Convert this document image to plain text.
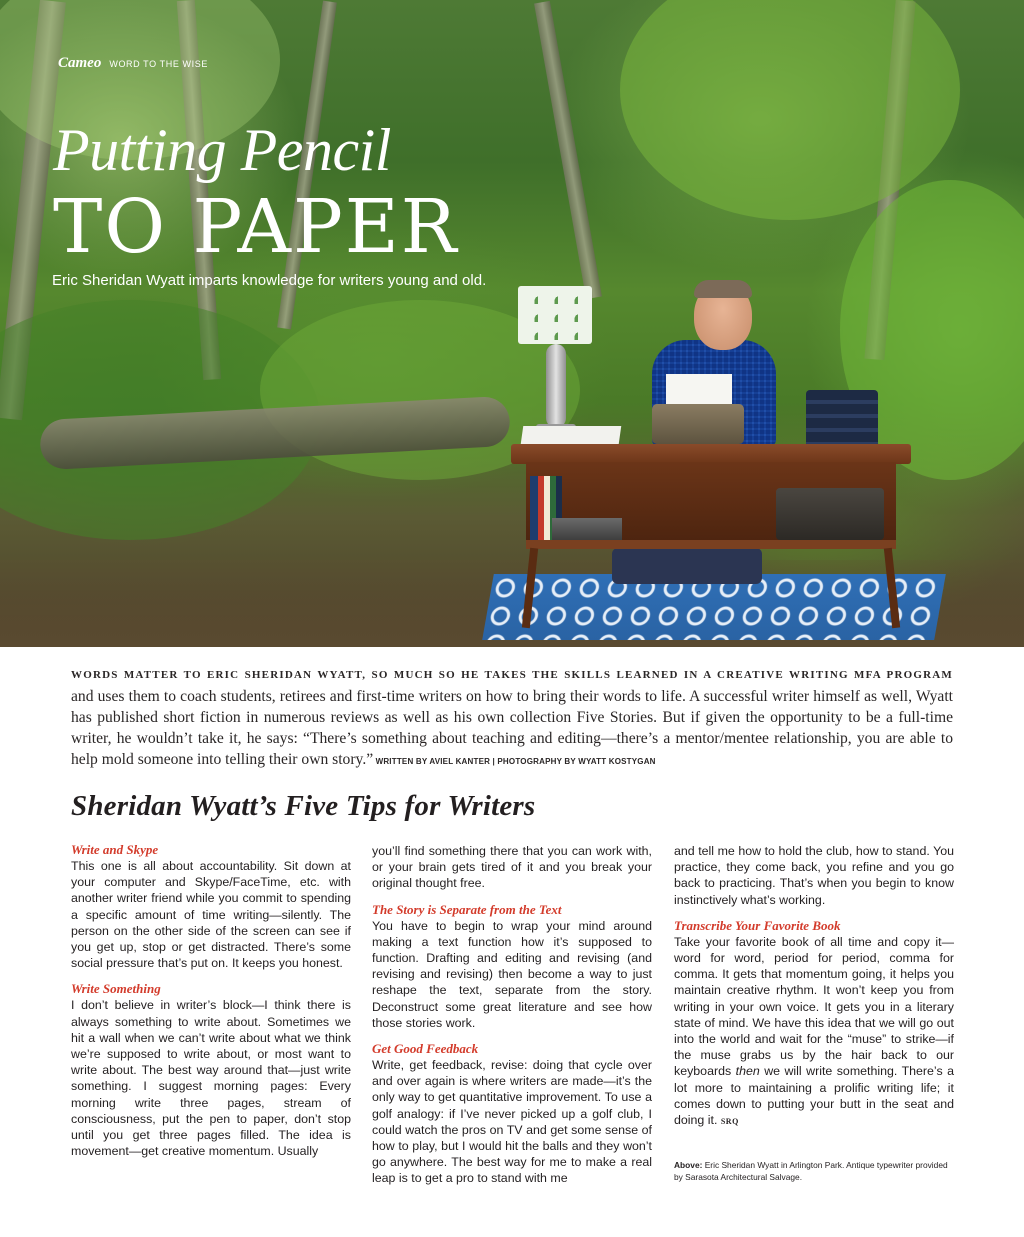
Cameo WORD TO THE WISE
Putting Pencil
TO PAPER
Eric Sheridan Wyatt imparts knowledge for writers young and old.

WORDS MATTER TO ERIC SHERIDAN WYATT, SO MUCH SO HE TAKES THE SKILLS LEARNED IN A CREATIVE WRITING MFA PROGRAM and uses them to coach students, retirees and first-time writers on how to bring their words to life. A successful writer himself as well, Wyatt has published short fiction in numerous reviews as well as his own collection Five Stories. But if given the opportunity to be a full-time writer, he wouldn’t take it, he says: “There’s something about teaching and editing—there’s a mentor/mentee relationship, you are able to help mold someone into telling their own story.” WRITTEN BY AVIEL KANTER | PHOTOGRAPHY BY WYATT KOSTYGAN

Sheridan Wyatt’s Five Tips for Writers
Write and Skype

This one is all about accountability. Sit down at your computer and Skype/FaceTime, etc. with another writer friend while you commit to spending a specific amount of time writing—silently. The person on the other side of the screen can see if you get up, stop or get distracted. There’s some social pressure that’s put on. It keeps you honest.

Write Something

I don’t believe in writer’s block—I think there is always something to write about. Sometimes we hit a wall when we can’t write about what we think we’re supposed to write about, or most want to write about. The best way around that—just write something. I suggest morning pages: Every morning write three pages, stream of consciousness, put the pen to paper, don’t stop until you get three pages filled. The idea is movement—get creative momentum. Usually

you’ll find something there that you can work with, or your brain gets tired of it and you break your original thought free.

The Story is Separate from the Text

You have to begin to wrap your mind around making a text function how it’s supposed to function. Drafting and editing and revising (and revising and revising) then become a way to just reshape the text, separate from the story. Deconstruct some great literature and see how those stories work.

Get Good Feedback

Write, get feedback, revise: doing that cycle over and over again is where writers are made—it’s the only way to get quantitative improvement. To use a golf analogy: if I’ve never picked up a golf club, I could watch the pros on TV and get some sense of how to play, but I would hit the balls and they won’t go anywhere. The best way for me to make a real leap is to get a pro to stand with me

and tell me how to hold the club, how to stand. You practice, they come back, you refine and you go back to practicing. That’s when you begin to know instinctively what’s working.

Transcribe Your Favorite Book

Take your favorite book of all time and copy it—word for word, period for period, comma for comma. It gets that momentum going, it helps you maintain creative rhythm. It won’t keep you from writing in your own voice. It gets you in a literary state of mind. We have this idea that we will go out into the world and wait for the “muse” to strike—if the muse grabs us by the hair back to our keyboards then we will write something. There’s a lot more to maintaining a prolific writing life; it comes down to putting your butt in the seat and doing it. SRQ

Above: Eric Sheridan Wyatt in Arlington Park. Antique typewriter provided by Sarasota Architectural Salvage.
